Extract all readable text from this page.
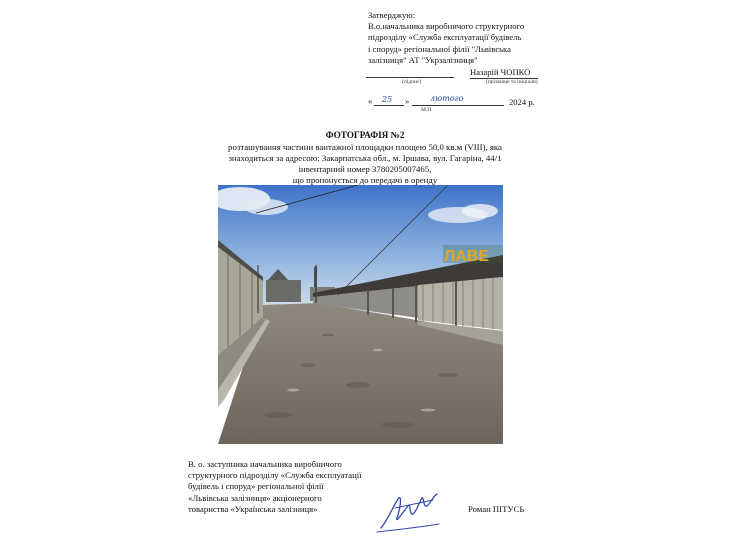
Затверджую:
В.о.начальника виробничого структурного
підрозділу «Служба експлуатації будівель
і споруд» регіональної філії "Львівська
залізниця" АТ "Укрзалізниця"
Назарій ЧОПКО
(підпис)	(прізвище та ініціали)
« 25 »	лютого	2024 р.
М.П.
ФОТОГРАФІЯ №2
розташування частини вантажної площадки площею 50,0 кв.м (VIII), яка
знаходиться за адресою: Закарпатська обл., м. Іршава, вул. Гагаріна, 44/1
інвентарний номер 3780205007465,
що пропонується до передачі в оренду
ЛАВЕ
В. о. заступника начальника виробничого
структурного підрозділу «Служба експлуатації
будівель і споруд» регіональної філії
«Львівська залізниця» акціонерного
товариства «Українська залізниця»	Роман ПІТУСЬ
